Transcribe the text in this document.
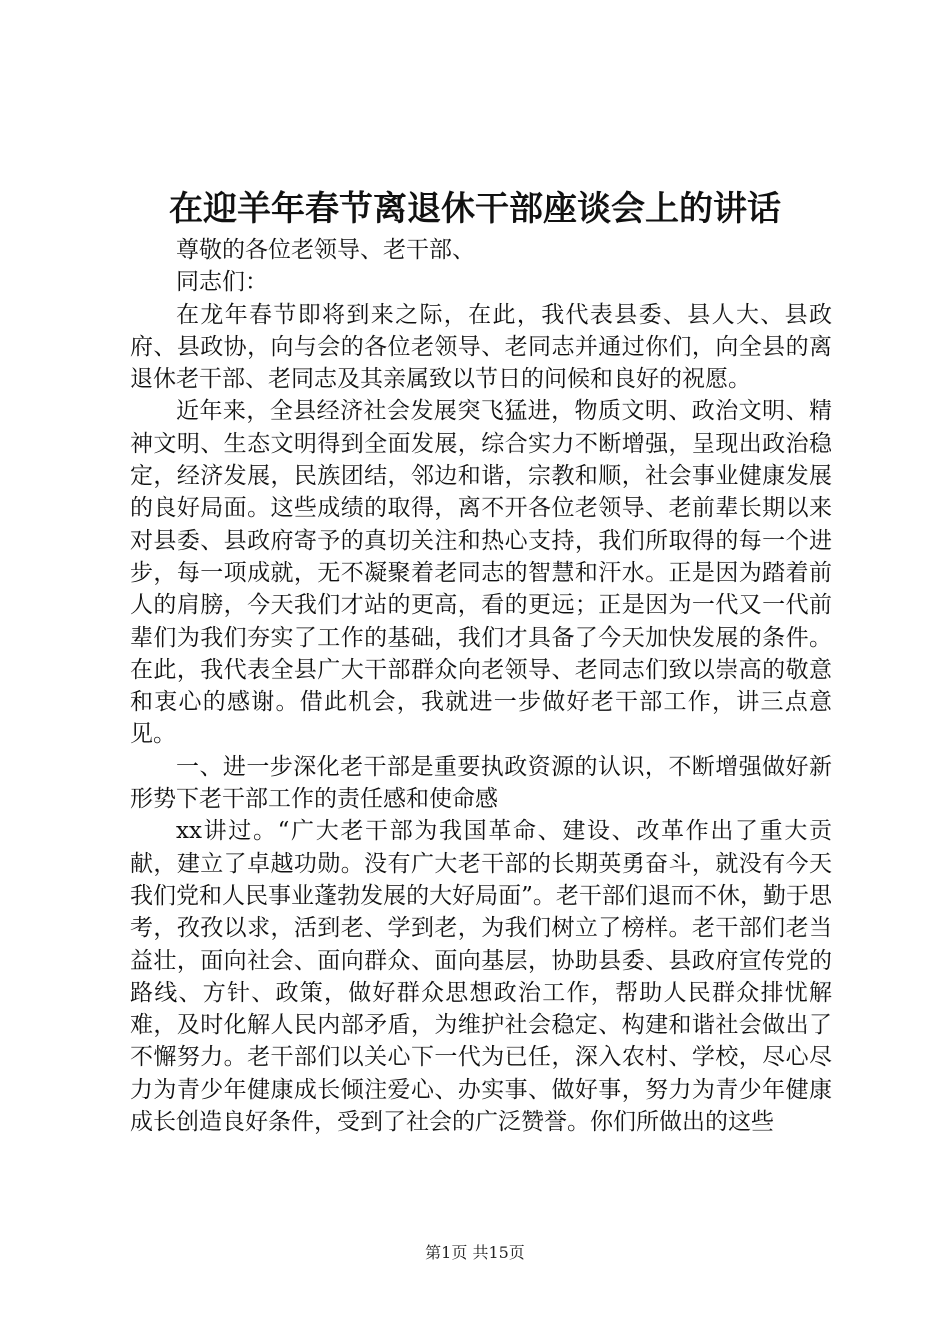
在迎羊年春节离退休干部座谈会上的讲话

尊敬的各位老领导、老干部、

同志们：

在龙年春节即将到来之际，在此，我代表县委、县人大、县政府、县政协，向与会的各位老领导、老同志并通过你们，向全县的离退休老干部、老同志及其亲属致以节日的问候和良好的祝愿。

近年来，全县经济社会发展突飞猛进，物质文明、政治文明、精神文明、生态文明得到全面发展，综合实力不断增强，呈现出政治稳定，经济发展，民族团结，邻边和谐，宗教和顺，社会事业健康发展的良好局面。这些成绩的取得，离不开各位老领导、老前辈长期以来对县委、县政府寄予的真切关注和热心支持，我们所取得的每一个进步，每一项成就，无不凝聚着老同志的智慧和汗水。正是因为踏着前人的肩膀，今天我们才站的更高，看的更远；正是因为一代又一代前辈们为我们夯实了工作的基础，我们才具备了今天加快发展的条件。在此，我代表全县广大干部群众向老领导、老同志们致以崇高的敬意和衷心的感谢。借此机会，我就进一步做好老干部工作，讲三点意见。

一、进一步深化老干部是重要执政资源的认识，不断增强做好新形势下老干部工作的责任感和使命感

xx讲过。“广大老干部为我国革命、建设、改革作出了重大贡献，建立了卓越功勋。没有广大老干部的长期英勇奋斗，就没有今天我们党和人民事业蓬勃发展的大好局面”。老干部们退而不休，勤于思考，孜孜以求，活到老、学到老，为我们树立了榜样。老干部们老当益壮，面向社会、面向群众、面向基层，协助县委、县政府宣传党的路线、方针、政策，做好群众思想政治工作，帮助人民群众排忧解难，及时化解人民内部矛盾，为维护社会稳定、构建和谐社会做出了不懈努力。老干部们以关心下一代为已任，深入农村、学校，尽心尽力为青少年健康成长倾注爱心、办实事、做好事，努力为青少年健康成长创造良好条件，受到了社会的广泛赞誉。你们所做出的这些

第1页 共15页
